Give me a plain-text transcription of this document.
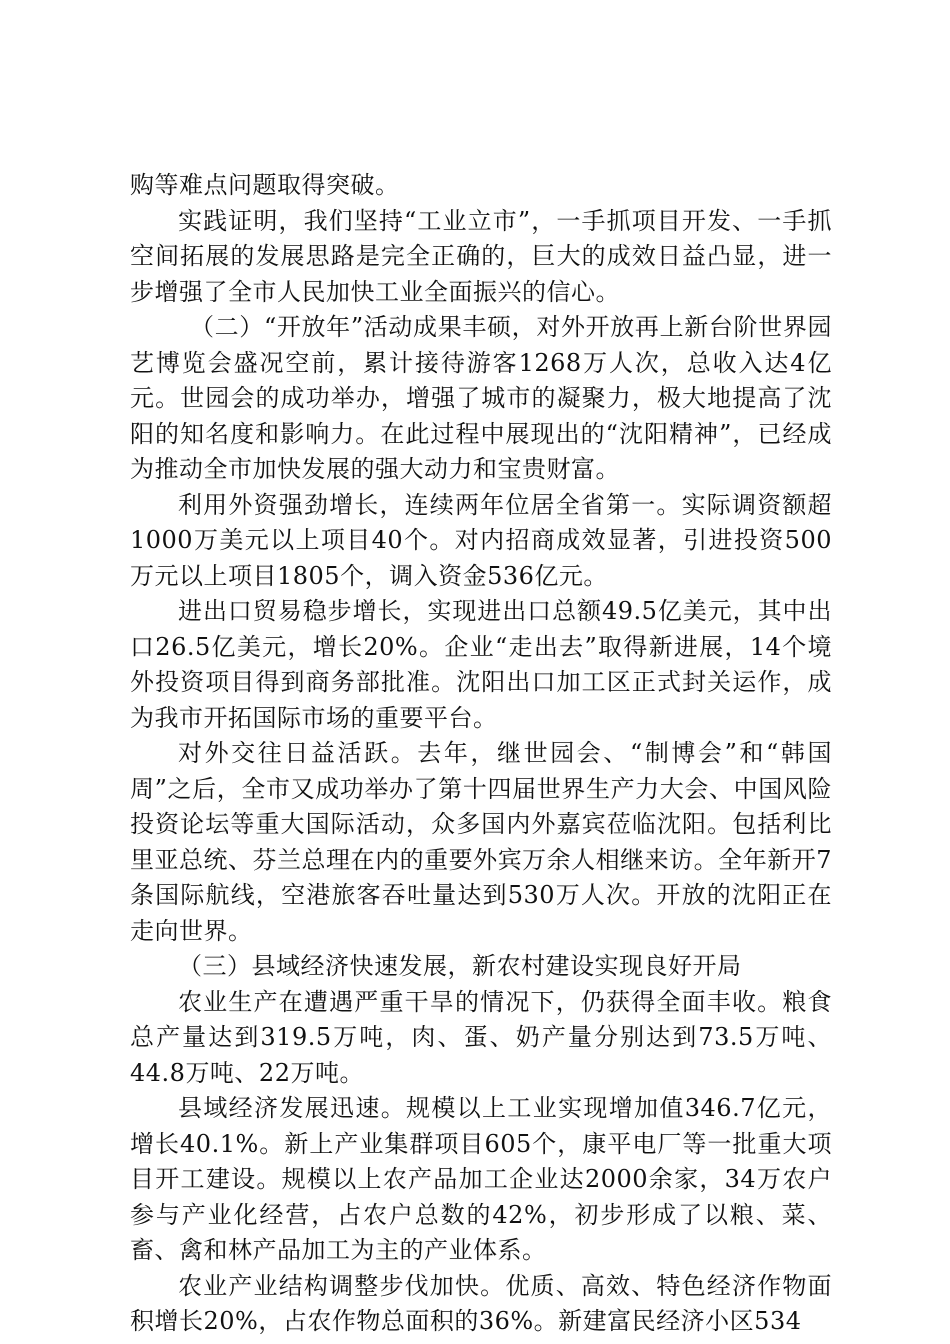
购等难点问题取得突破。

实践证明，我们坚持“工业立市”，一手抓项目开发、一手抓空间拓展的发展思路是完全正确的，巨大的成效日益凸显，进一步增强了全市人民加快工业全面振兴的信心。

（二）“开放年”活动成果丰硕，对外开放再上新台阶世界园艺博览会盛况空前，累计接待游客1268万人次，总收入达4亿元。世园会的成功举办，增强了城市的凝聚力，极大地提高了沈阳的知名度和影响力。在此过程中展现出的“沈阳精神”，已经成为推动全市加快发展的强大动力和宝贵财富。

利用外资强劲增长，连续两年位居全省第一。实际调资额超1000万美元以上项目40个。对内招商成效显著，引进投资500万元以上项目1805个，调入资金536亿元。

进出口贸易稳步增长，实现进出口总额49.5亿美元，其中出口26.5亿美元，增长20%。企业“走出去”取得新进展，14个境外投资项目得到商务部批准。沈阳出口加工区正式封关运作，成为我市开拓国际市场的重要平台。

对外交往日益活跃。去年，继世园会、“制博会”和“韩国周”之后，全市又成功举办了第十四届世界生产力大会、中国风险投资论坛等重大国际活动，众多国内外嘉宾莅临沈阳。包括利比里亚总统、芬兰总理在内的重要外宾万余人相继来访。全年新开7条国际航线，空港旅客吞吐量达到530万人次。开放的沈阳正在走向世界。

（三）县域经济快速发展，新农村建设实现良好开局

农业生产在遭遇严重干旱的情况下，仍获得全面丰收。粮食总产量达到319.5万吨，肉、蛋、奶产量分别达到73.5万吨、44.8万吨、22万吨。

县域经济发展迅速。规模以上工业实现增加值346.7亿元，增长40.1%。新上产业集群项目605个，康平电厂等一批重大项目开工建设。规模以上农产品加工企业达2000余家，34万农户参与产业化经营，占农户总数的42%，初步形成了以粮、菜、畜、禽和林产品加工为主的产业体系。

农业产业结构调整步伐加快。优质、高效、特色经济作物面积增长20%，占农作物总面积的36%。新建富民经济小区534
